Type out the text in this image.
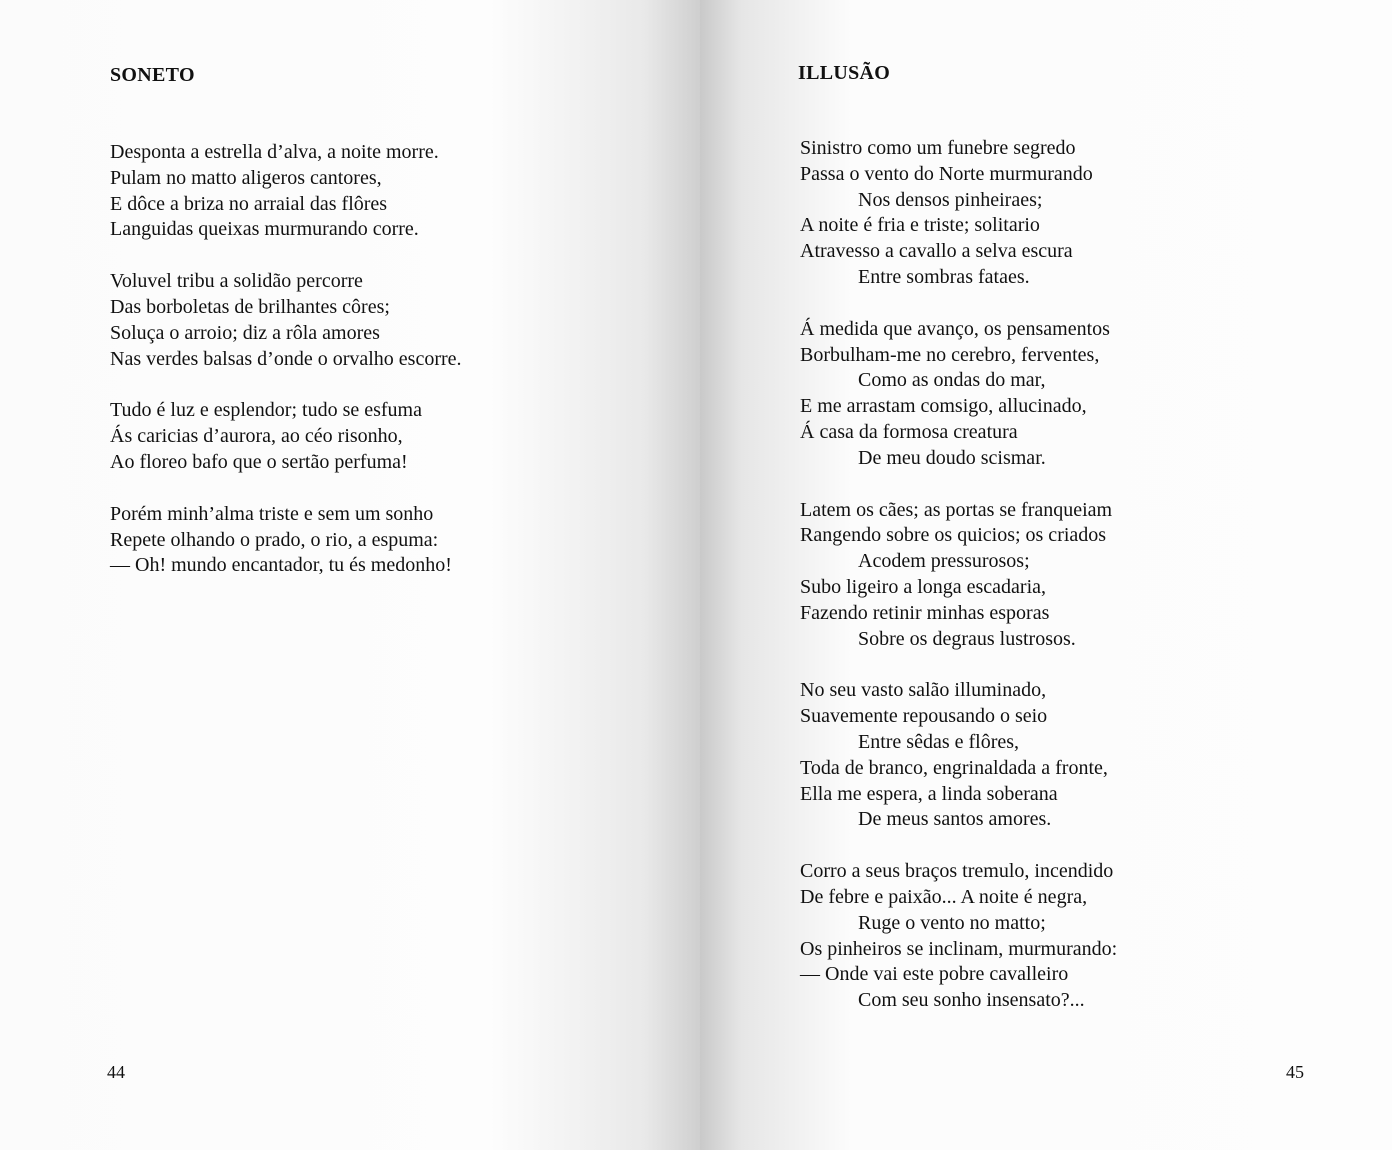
SONETO

Desponta a estrella d’alva, a noite morre.
Pulam no matto aligeros cantores,
E dôce a briza no arraial das flôres
Languidas queixas murmurando corre.

Voluvel tribu a solidão percorre
Das borboletas de brilhantes côres;
Soluça o arroio; diz a rôla amores
Nas verdes balsas d’onde o orvalho escorre.

Tudo é luz e esplendor; tudo se esfuma
Ás caricias d’aurora, ao céo risonho,
Ao floreo bafo que o sertão perfuma!

Porém minh’alma triste e sem um sonho
Repete olhando o prado, o rio, a espuma:
— Oh! mundo encantador, tu és medonho!

44
ILLUSÃO

Sinistro como um funebre segredo
Passa o vento do Norte murmurando
Nos densos pinheiraes;
A noite é fria e triste; solitario
Atravesso a cavallo a selva escura
Entre sombras fataes.

Á medida que avanço, os pensamentos
Borbulham-me no cerebro, ferventes,
Como as ondas do mar,
E me arrastam comsigo, allucinado,
Á casa da formosa creatura
De meu doudo scismar.

Latem os cães; as portas se franqueiam
Rangendo sobre os quicios; os criados
Acodem pressurosos;
Subo ligeiro a longa escadaria,
Fazendo retinir minhas esporas
Sobre os degraus lustrosos.

No seu vasto salão illuminado,
Suavemente repousando o seio
Entre sêdas e flôres,
Toda de branco, engrinaldada a fronte,
Ella me espera, a linda soberana
De meus santos amores.

Corro a seus braços tremulo, incendido
De febre e paixão... A noite é negra,
Ruge o vento no matto;
Os pinheiros se inclinam, murmurando:
— Onde vai este pobre cavalleiro
Com seu sonho insensato?...

45
